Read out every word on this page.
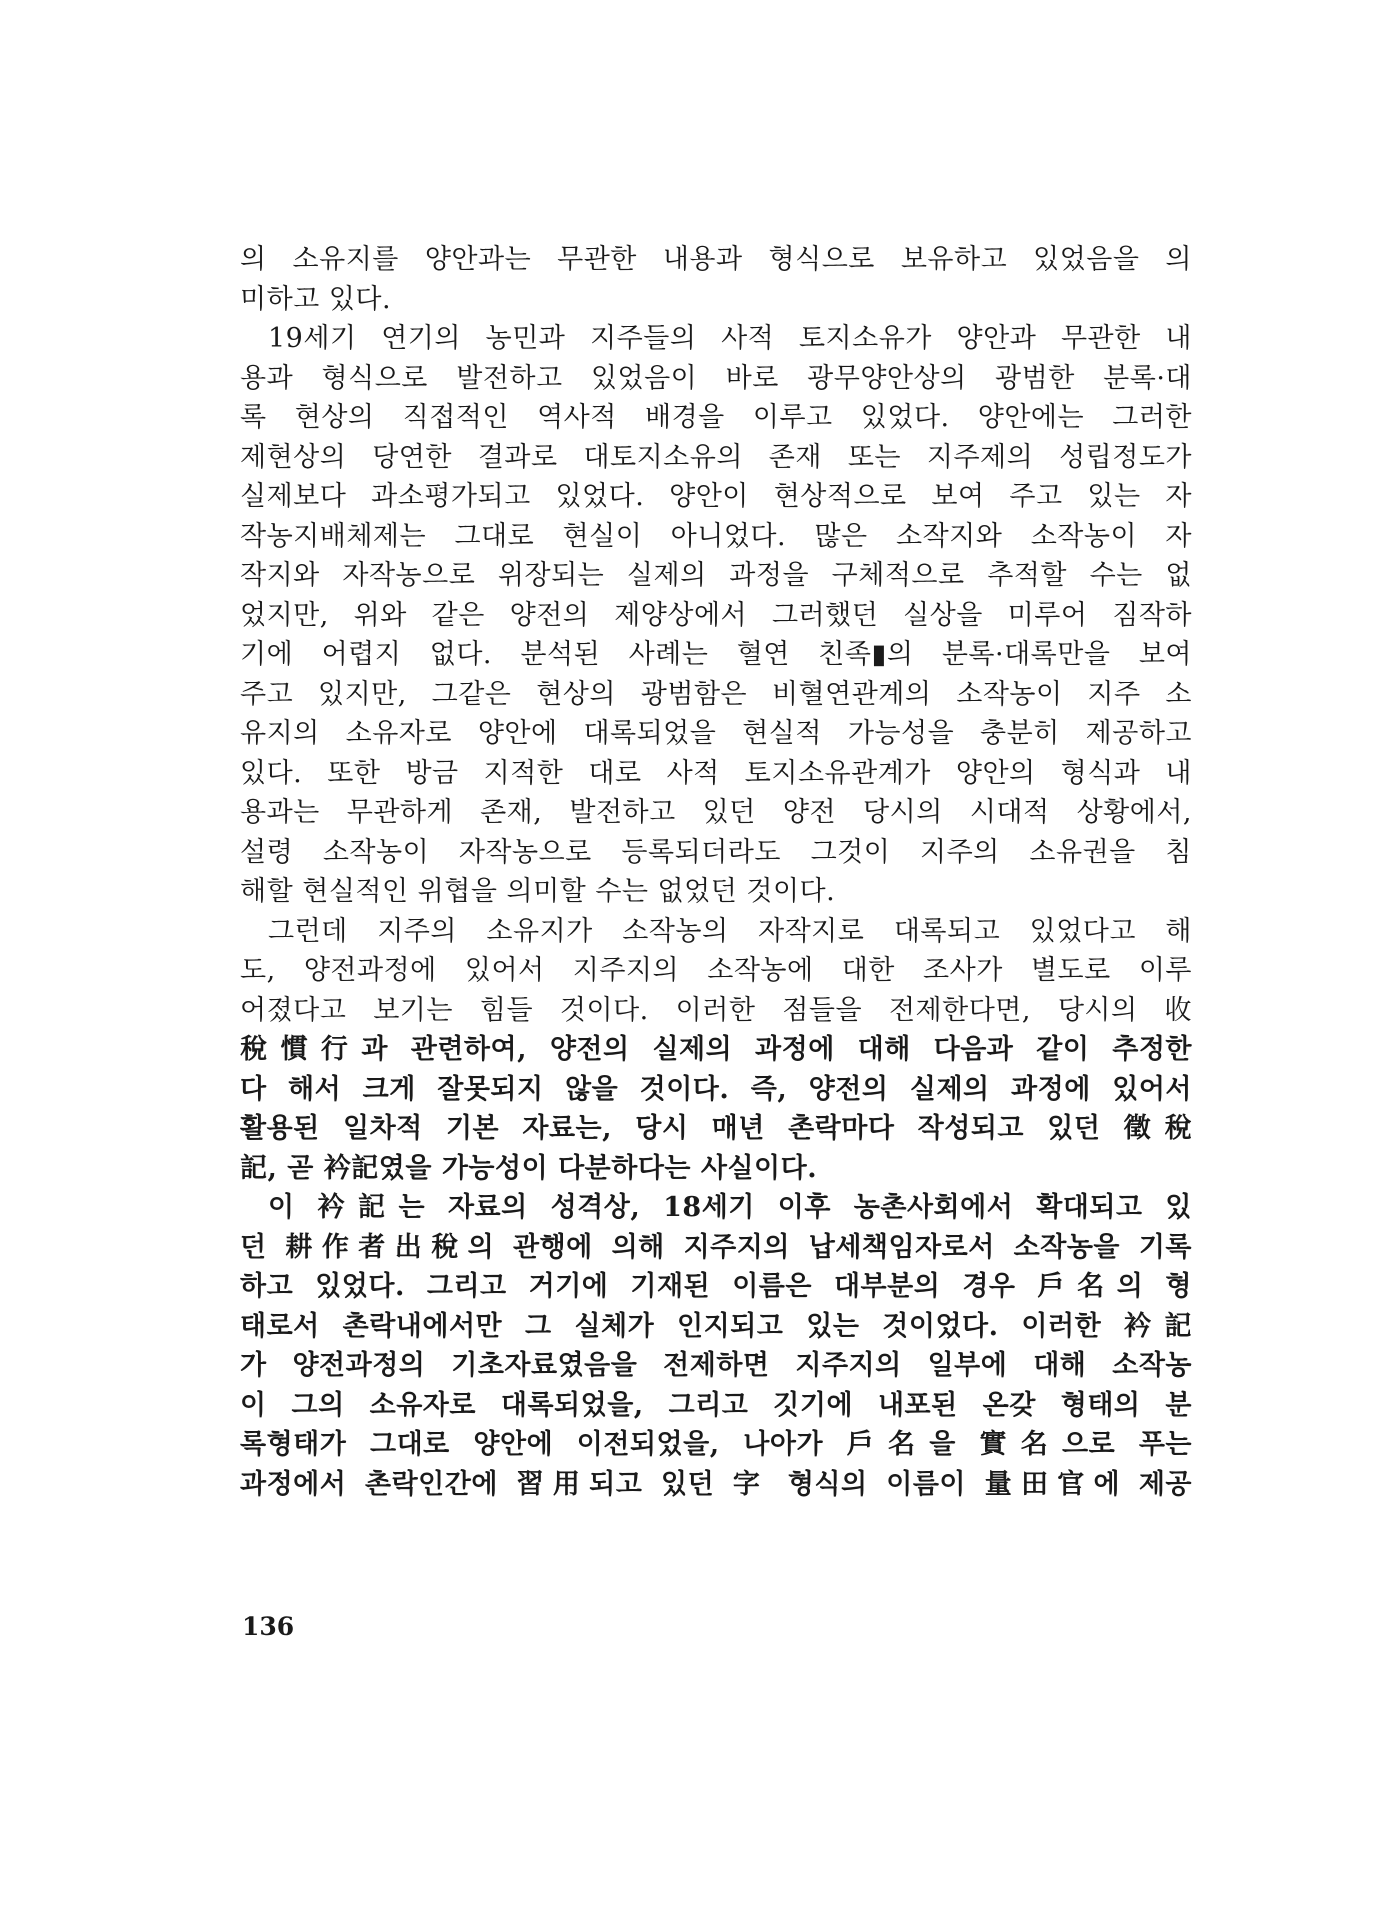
의 소유지를 양안과는 무관한 내용과 형식으로 보유하고 있었음을 의
미하고 있다.
19세기 연기의 농민과 지주들의 사적 토지소유가 양안과 무관한 내
용과 형식으로 발전하고 있었음이 바로 광무양안상의 광범한 분록·대
록 현상의 직접적인 역사적 배경을 이루고 있었다. 양안에는 그러한
제현상의 당연한 결과로 대토지소유의 존재 또는 지주제의 성립정도가
실제보다 과소평가되고 있었다. 양안이 현상적으로 보여 주고 있는 자
작농지배체제는 그대로 현실이 아니었다. 많은 소작지와 소작농이 자
작지와 자작농으로 위장되는 실제의 과정을 구체적으로 추적할 수는 없
었지만, 위와 같은 양전의 제양상에서 그러했던 실상을 미루어 짐작하
기에 어렵지 없다. 분석된 사례는 혈연 친족▮의 분록·대록만을 보여
주고 있지만, 그같은 현상의 광범함은 비혈연관계의 소작농이 지주 소
유지의 소유자로 양안에 대록되었을 현실적 가능성을 충분히 제공하고
있다. 또한 방금 지적한 대로 사적 토지소유관계가 양안의 형식과 내
용과는 무관하게 존재, 발전하고 있던 양전 당시의 시대적 상황에서,
설령 소작농이 자작농으로 등록되더라도 그것이 지주의 소유권을 침
해할 현실적인 위협을 의미할 수는 없었던 것이다.
그런데 지주의 소유지가 소작농의 자작지로 대록되고 있었다고 해
도, 양전과정에 있어서 지주지의 소작농에 대한 조사가 별도로 이루
어졌다고 보기는 힘들 것이다. 이러한 점들을 전제한다면, 당시의 收
稅慣行과 관련하여, 양전의 실제의 과정에 대해 다음과 같이 추정한
다 해서 크게 잘못되지 않을 것이다. 즉, 양전의 실제의 과정에 있어서
활용된 일차적 기본 자료는, 당시 매년 촌락마다 작성되고 있던 徵稅
記, 곧 衿記였을 가능성이 다분하다는 사실이다.
이 衿記는 자료의 성격상, 18세기 이후 농촌사회에서 확대되고 있
던 耕作者出稅의 관행에 의해 지주지의 납세책임자로서 소작농을 기록
하고 있었다. 그리고 거기에 기재된 이름은 대부분의 경우 戶名의 형
태로서 촌락내에서만 그 실체가 인지되고 있는 것이었다. 이러한 衿記
가 양전과정의 기초자료였음을 전제하면 지주지의 일부에 대해 소작농
이 그의 소유자로 대록되었을, 그리고 깃기에 내포된 온갖 형태의 분
록형태가 그대로 양안에 이전되었을, 나아가 戶名을 實名으로 푸는
과정에서 촌락인간에 習用되고 있던 字 형식의 이름이 量田官에 제공
136
